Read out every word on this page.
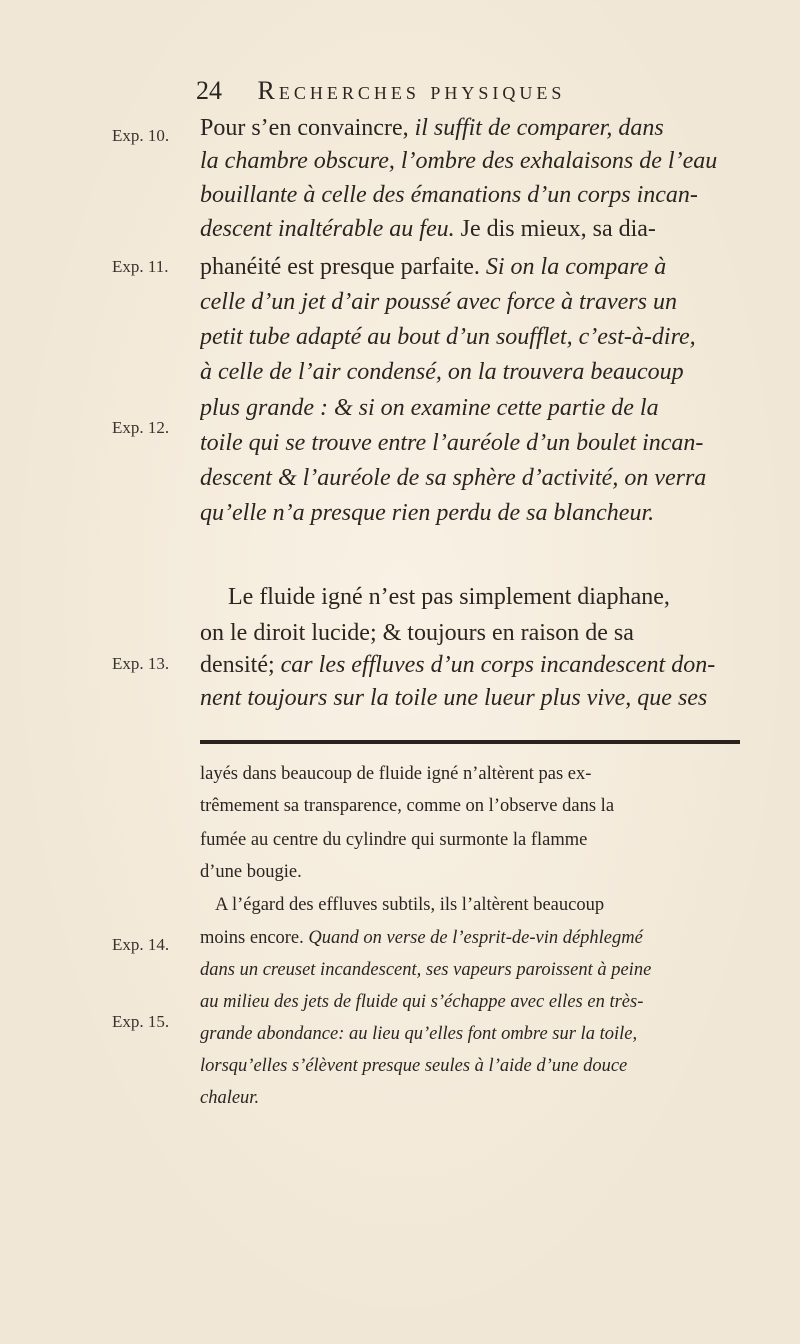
24 Recherches physiques
Exp. 10.
Exp. 11.
Exp. 12.
Exp. 13.
Exp. 14.
Exp. 15.
Pour s’en convaincre, il suffit de comparer, dans
la chambre obscure, l’ombre des exhalaisons de l’eau
bouillante à celle des émanations d’un corps incan-
descent inaltérable au feu. Je dis mieux, sa dia-
phanéité est presque parfaite. Si on la compare à
celle d’un jet d’air poussé avec force à travers un
petit tube adapté au bout d’un soufflet, c’est-à-dire,
à celle de l’air condensé, on la trouvera beaucoup
plus grande : & si on examine cette partie de la
toile qui se trouve entre l’auréole d’un boulet incan-
descent & l’auréole de sa sphère d’activité, on verra
qu’elle n’a presque rien perdu de sa blancheur.
Le fluide igné n’est pas simplement diaphane,
on le diroit lucide; & toujours en raison de sa
densité; car les effluves d’un corps incandescent don-
nent toujours sur la toile une lueur plus vive, que ses
layés dans beaucoup de fluide igné n’altèrent pas ex-
trêmement sa transparence, comme on l’observe dans la
fumée au centre du cylindre qui surmonte la flamme
d’une bougie.
A l’égard des effluves subtils, ils l’altèrent beaucoup
moins encore. Quand on verse de l’esprit-de-vin déphlegmé
dans un creuset incandescent, ses vapeurs paroissent à peine
au milieu des jets de fluide qui s’échappe avec elles en très-
grande abondance: au lieu qu’elles font ombre sur la toile,
lorsqu’elles s’élèvent presque seules à l’aide d’une douce
chaleur.
